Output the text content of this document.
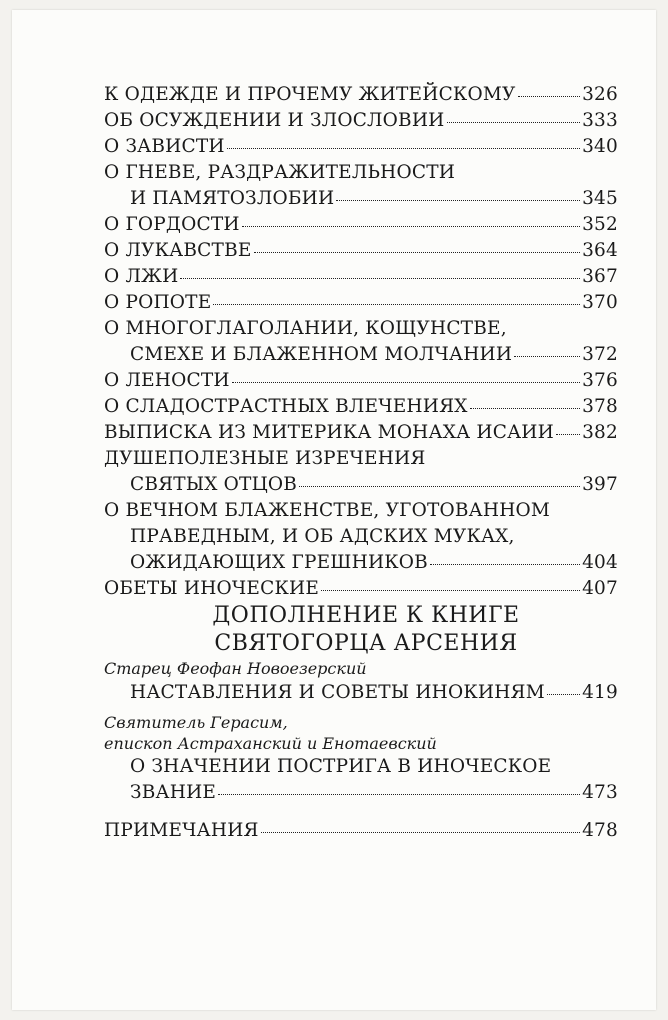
К ОДЕЖДЕ И ПРОЧЕМУ ЖИТЕЙСКОМУ	326
ОБ ОСУЖДЕНИИ И ЗЛОСЛОВИИ	333
О ЗАВИСТИ	340
О ГНЕВЕ, РАЗДРАЖИТЕЛЬНОСТИ
И ПАМЯТОЗЛОБИИ	345
О ГОРДОСТИ	352
О ЛУКАВСТВЕ	364
О ЛЖИ	367
О РОПОТЕ	370
О МНОГОГЛАГОЛАНИИ, КОЩУНСТВЕ,
СМЕХЕ И БЛАЖЕННОМ МОЛЧАНИИ	372
О ЛЕНОСТИ	376
О СЛАДОСТРАСТНЫХ ВЛЕЧЕНИЯХ	378
ВЫПИСКА ИЗ МИТЕРИКА МОНАХА ИСАИИ 382
ДУШЕПОЛЕЗНЫЕ ИЗРЕЧЕНИЯ
СВЯТЫХ ОТЦОВ	397
О ВЕЧНОМ БЛАЖЕНСТВЕ, УГОТОВАННОМ
ПРАВЕДНЫМ, И ОБ АДСКИХ МУКАХ,
ОЖИДАЮЩИХ ГРЕШНИКОВ	404
ОБЕТЫ ИНОЧЕСКИЕ	407
ДОПОЛНЕНИЕ К КНИГЕ
СВЯТОГОРЦА АРСЕНИЯ
Старец Феофан Новоезерский
НАСТАВЛЕНИЯ И СОВЕТЫ ИНОКИНЯМ 419
Святитель Герасим,
епископ Астраханский и Енотаевский
О ЗНАЧЕНИИ ПОСТРИГА В ИНОЧЕСКОЕ
ЗВАНИЕ	473
ПРИМЕЧАНИЯ	478
